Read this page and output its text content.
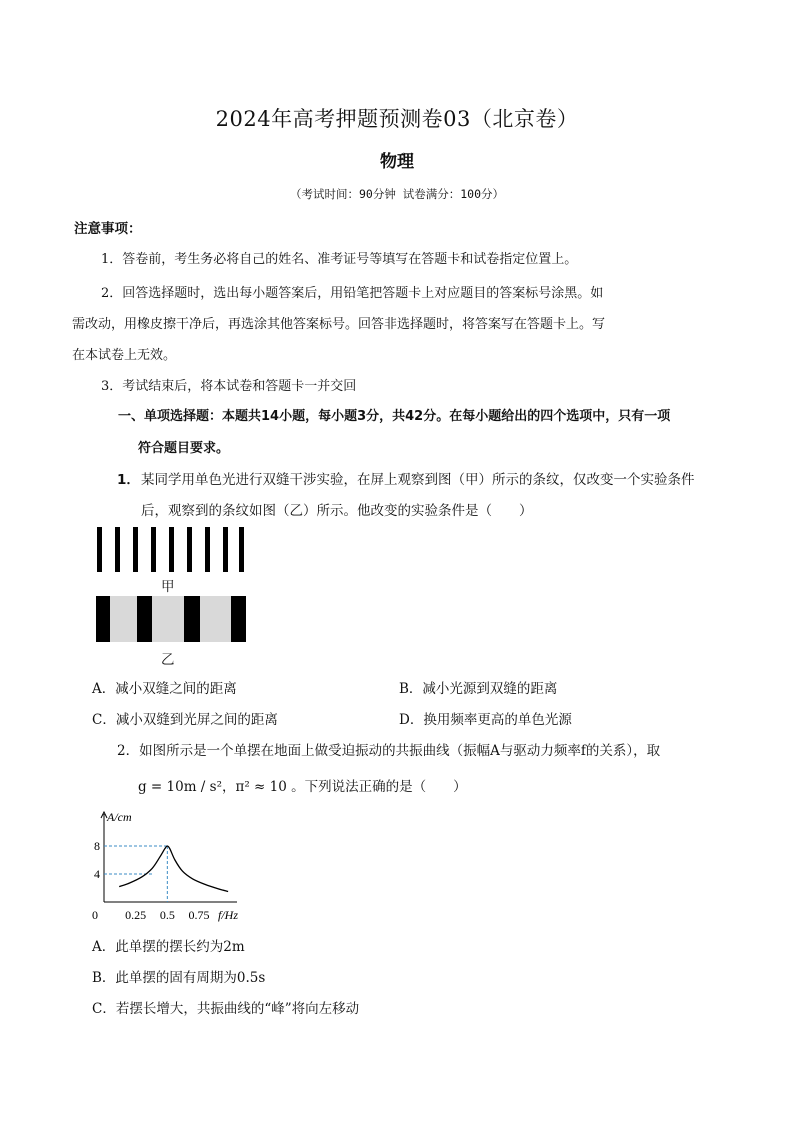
2024年高考押题预测卷03（北京卷）
物理
（考试时间：90分钟 试卷满分：100分）
注意事项：
1．答卷前，考生务必将自己的姓名、准考证号等填写在答题卡和试卷指定位置上。
2．回答选择题时，选出每小题答案后，用铅笔把答题卡上对应题目的答案标号涂黑。如
需改动，用橡皮擦干净后，再选涂其他答案标号。回答非选择题时，将答案写在答题卡上。写
在本试卷上无效。
3．考试结束后，将本试卷和答题卡一并交回
一、单项选择题：本题共14小题，每小题3分，共42分。在每小题给出的四个选项中，只有一项
符合题目要求。
1． 某同学用单色光进行双缝干涉实验，在屏上观察到图（甲）所示的条纹，仅改变一个实验条件
后，观察到的条纹如图（乙）所示。他改变的实验条件是（　　）
甲
乙
A．减小双缝之间的距离	B．减小光源到双缝的距离
C．减小双缝到光屏之间的距离	D．换用频率更高的单色光源
2．如图所示是一个单摆在地面上做受迫振动的共振曲线（振幅A与驱动力频率f的关系），取
g = 10m / s²，π² ≈ 10 。下列说法正确的是（　　）
A/cm
f/Hz
0 0.25 0.5 0.75
4
8
A．此单摆的摆长约为2m
B．此单摆的固有周期为0.5s
C．若摆长增大，共振曲线的“峰”将向左移动
